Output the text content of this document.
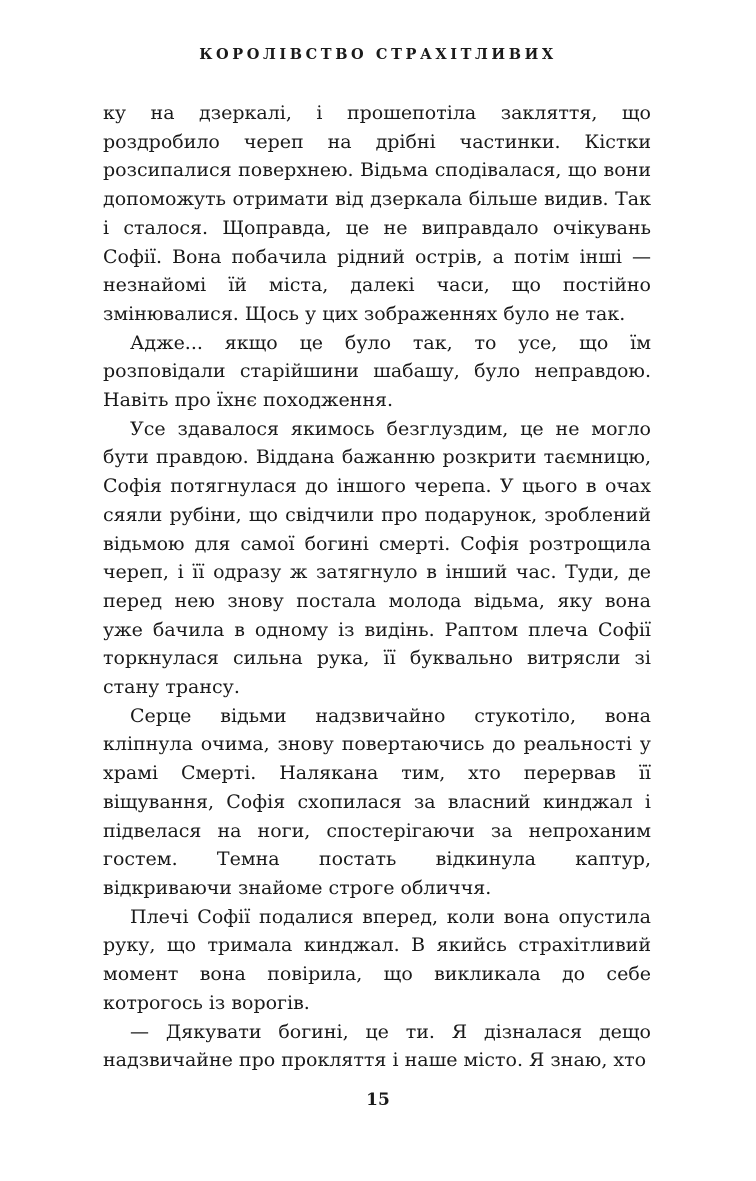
КОРОЛІВСТВО СТРАХІТЛИВИХ

ку на дзеркалі, і прошепотіла закляття, що роздробило череп на дрібні частинки. Кістки розсипалися поверхнею. Відьма сподівалася, що вони допоможуть отримати від дзеркала більше видив. Так і сталося. Щоправда, це не виправдало очікувань Софії. Вона побачила рідний острів, а потім інші — незнайомі їй міста, далекі часи, що постійно змінювалися. Щось у цих зображеннях було не так.

Адже... якщо це було так, то усе, що їм розповідали старійшини шабашу, було неправдою. Навіть про їхнє походження.

Усе здавалося якимось безглуздим, це не могло бути правдою. Віддана бажанню розкрити таємницю, Софія потягнулася до іншого черепа. У цього в очах сяяли рубіни, що свідчили про подарунок, зроблений відьмою для самої богині смерті. Софія розтрощила череп, і її одразу ж затягнуло в інший час. Туди, де перед нею знову постала молода відьма, яку вона уже бачила в одному із видінь. Раптом плеча Софії торкнулася сильна рука, її буквально витрясли зі стану трансу.

Серце відьми надзвичайно стукотіло, вона кліпнула очима, знову повертаючись до реальності у храмі Смерті. Налякана тим, хто перервав її віщування, Софія схопилася за власний кинджал і підвелася на ноги, спостерігаючи за непроханим гостем. Темна постать відкинула каптур, відкриваючи знайоме строге обличчя.

Плечі Софії подалися вперед, коли вона опустила руку, що тримала кинджал. В якийсь страхітливий момент вона повірила, що викликала до себе котрогось із ворогів.

— Дякувати богині, це ти. Я дізналася дещо надзвичайне про прокляття і наше місто. Я знаю, хто

15
